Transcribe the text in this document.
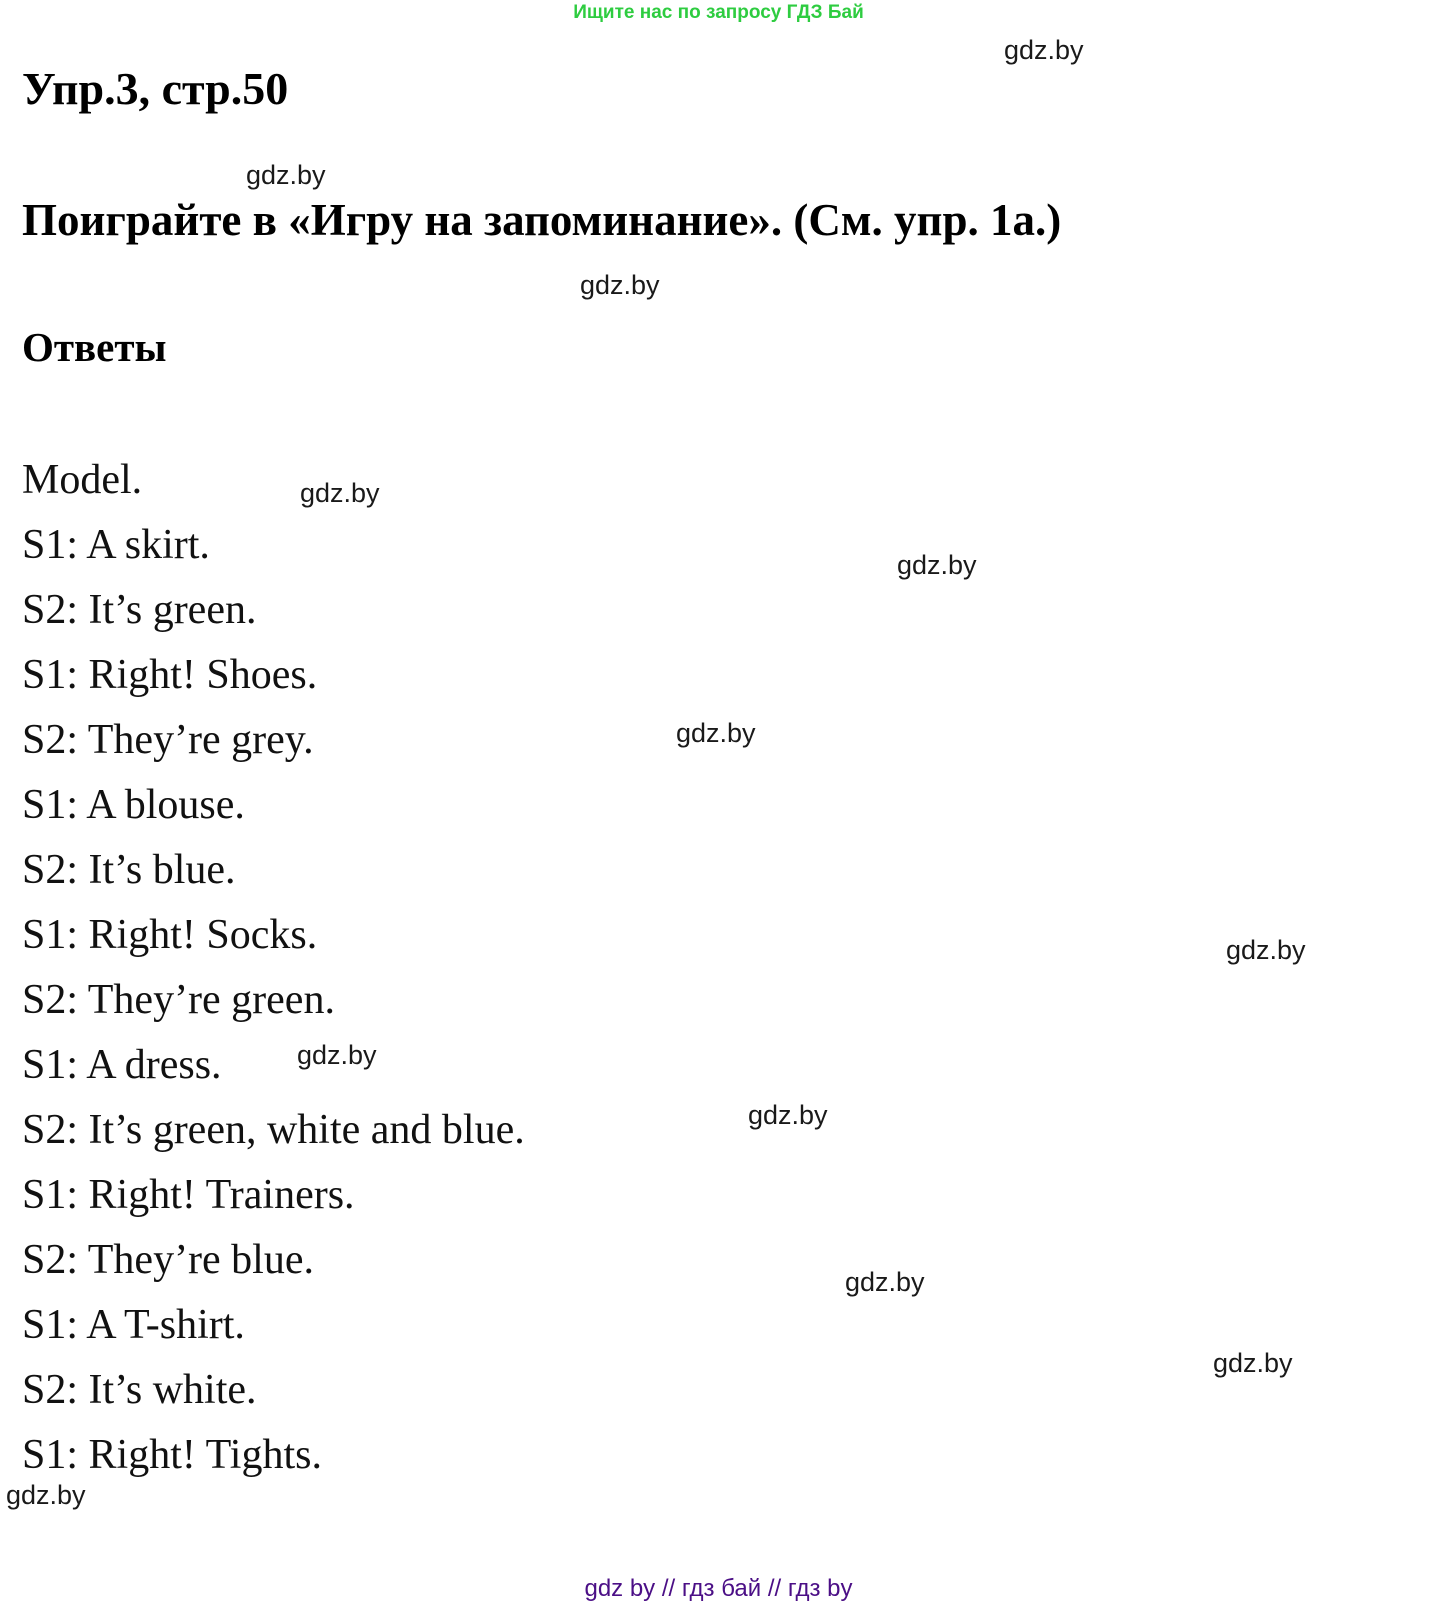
Ищите нас по запросу ГДЗ Бай
Упр.3, стр.50
Поиграйте в «Игру на запоминание». (См. упр. 1a.)
Ответы
Model.
S1: A skirt.
S2: It’s green.
S1: Right! Shoes.
S2: They’re grey.
S1: A blouse.
S2: It’s blue.
S1: Right! Socks.
S2: They’re green.
S1: A dress.
S2: It’s green, white and blue.
S1: Right! Trainers.
S2: They’re blue.
S1: A T-shirt.
S2: It’s white.
S1: Right! Tights.
gdz.by
gdz.by
gdz.by
gdz.by
gdz.by
gdz.by
gdz.by
gdz.by
gdz.by
gdz.by
gdz.by
gdz.by
gdz by // гдз бай // гдз by
